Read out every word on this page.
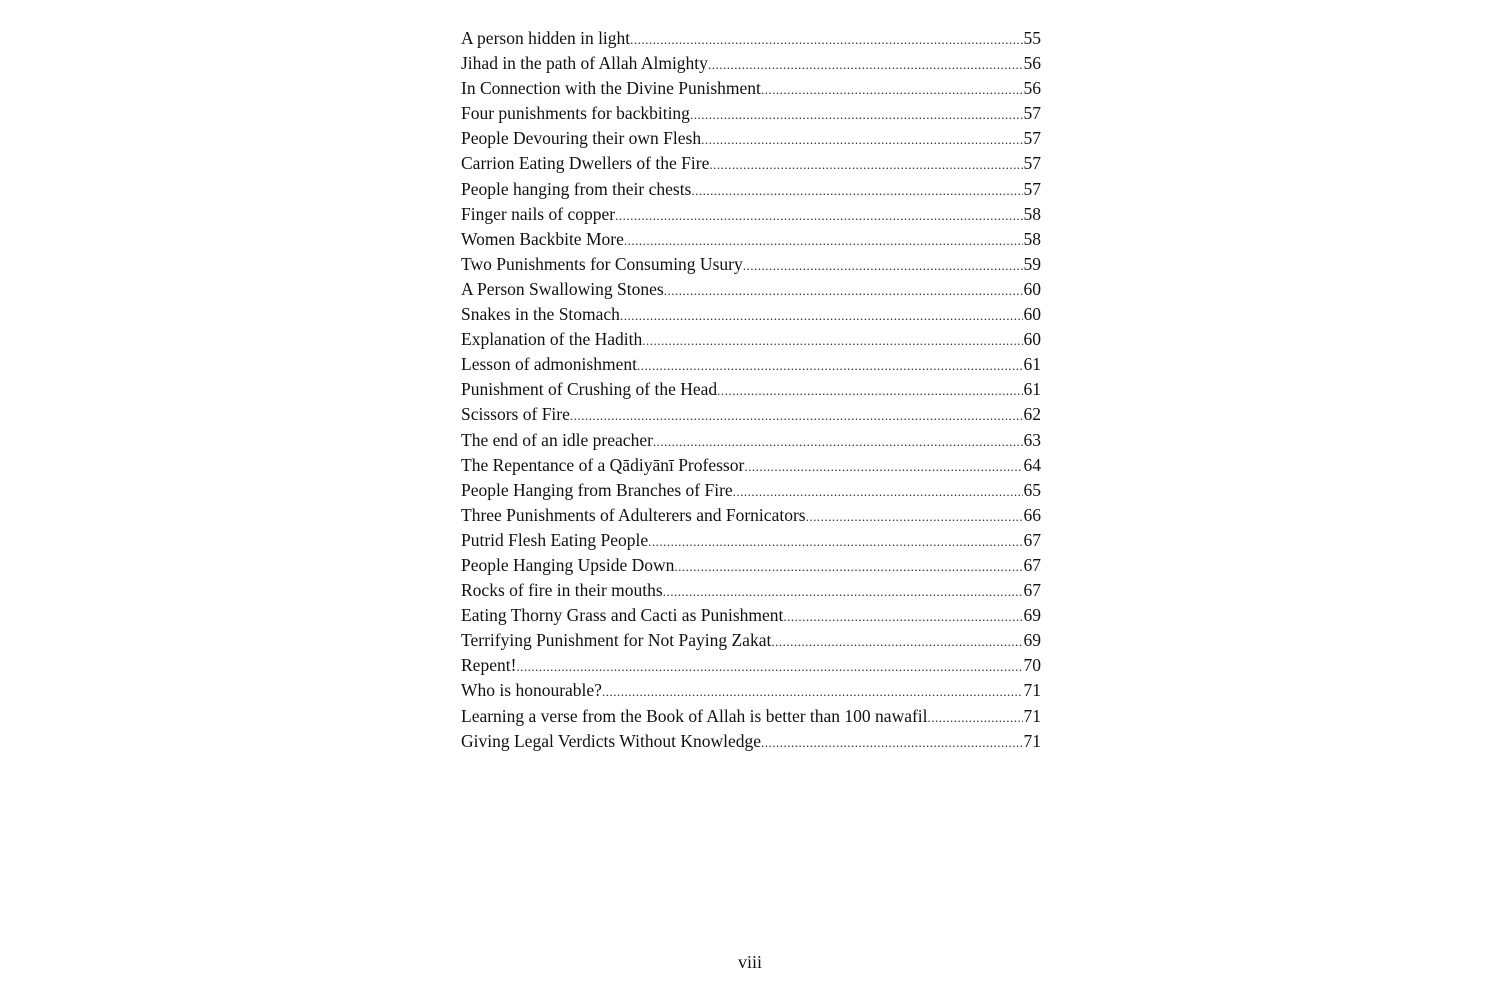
A person hidden in light .....	55
Jihad in the path of Allah Almighty .....	56
In Connection with the Divine Punishment .....	56
Four punishments for backbiting .....	57
People Devouring their own Flesh .....	57
Carrion Eating Dwellers of the Fire .....	57
People hanging from their chests .....	57
Finger nails of copper .....	58
Women Backbite More .....	58
Two Punishments for Consuming Usury .....	59
A Person Swallowing Stones .....	60
Snakes in the Stomach .....	60
Explanation of the Hadith .....	60
Lesson of admonishment .....	61
Punishment of Crushing of the Head .....	61
Scissors of Fire .....	62
The end of an idle preacher .....	63
The Repentance of a Qādiyānī Professor .....	64
People Hanging from Branches of Fire .....	65
Three Punishments of Adulterers and Fornicators .....	66
Putrid Flesh Eating People .....	67
People Hanging Upside Down .....	67
Rocks of fire in their mouths .....	67
Eating Thorny Grass and Cacti as Punishment .....	69
Terrifying Punishment for Not Paying Zakat .....	69
Repent! .....	70
Who is honourable? .....	71
Learning a verse from the Book of Allah is better than 100 nawafil .....	71
Giving Legal Verdicts Without Knowledge .....	71
viii
